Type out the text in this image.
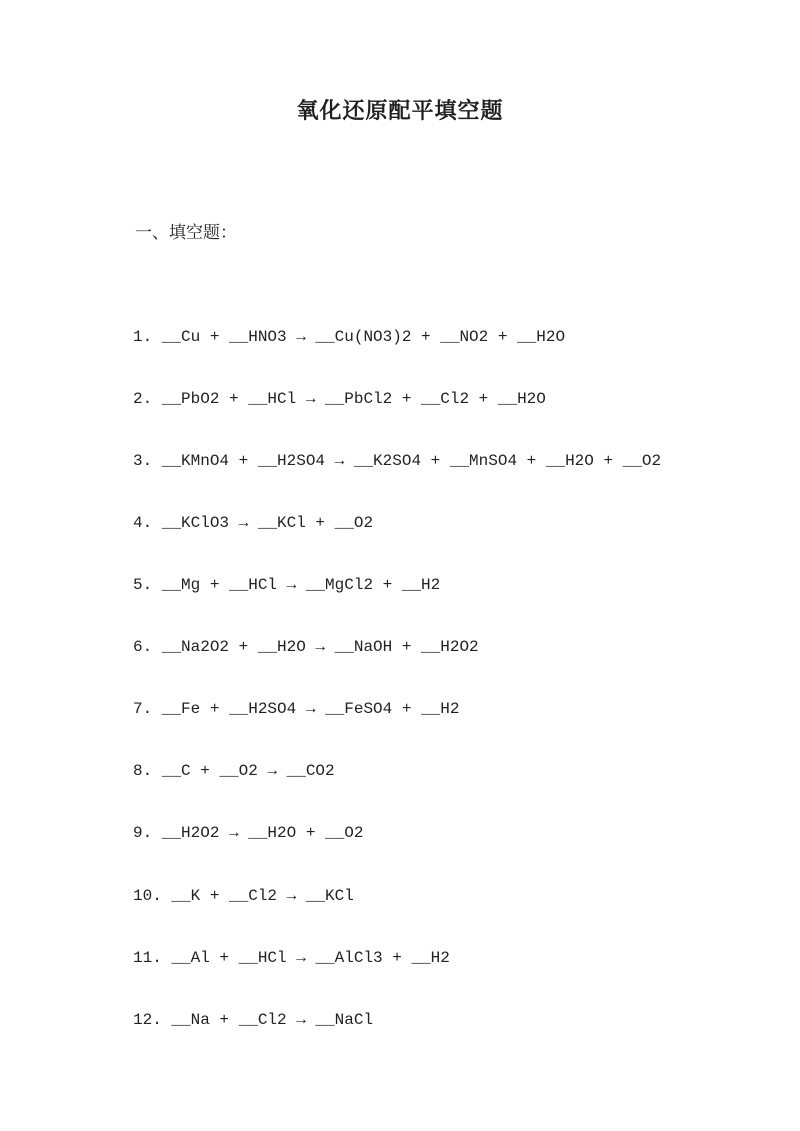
氧化还原配平填空题
一、填空题：
1. __Cu + __HNO3 → __Cu(NO3)2 + __NO2 + __H2O
2. __PbO2 + __HCl → __PbCl2 + __Cl2 + __H2O
3. __KMnO4 + __H2SO4 → __K2SO4 + __MnSO4 + __H2O + __O2
4. __KClO3 → __KCl + __O2
5. __Mg + __HCl → __MgCl2 + __H2
6. __Na2O2 + __H2O → __NaOH + __H2O2
7. __Fe + __H2SO4 → __FeSO4 + __H2
8. __C + __O2 → __CO2
9. __H2O2 → __H2O + __O2
10. __K + __Cl2 → __KCl
11. __Al + __HCl → __AlCl3 + __H2
12. __Na + __Cl2 → __NaCl
